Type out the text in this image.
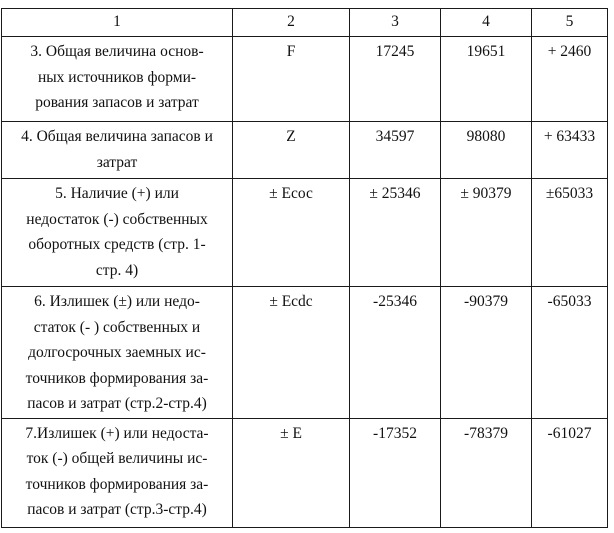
1	2	3	4	5

3. Общая величина основ-
ных источников форми-
рования запасов и затрат	F	17245	19651	+ 2460

4. Общая величина запасов и
затрат	Z	34597	98080	+ 63433

5. Наличие (+) или
недостаток (-) собственных
оборотных средств (стр. 1-
стр. 4)	± Есос	± 25346	± 90379	±65033

6. Излишек (±) или недо-
статок (- ) собственных и
долгосрочных заемных ис-
точников формирования за-
пасов и затрат (стр.2-стр.4)	± Ecdc	-25346	-90379	-65033

7.Излишек (+) или недоста-
ток (-) общей величины ис-
точников формирования за-
пасов и затрат (стр.3-стр.4)	± E	-17352	-78379	-61027
